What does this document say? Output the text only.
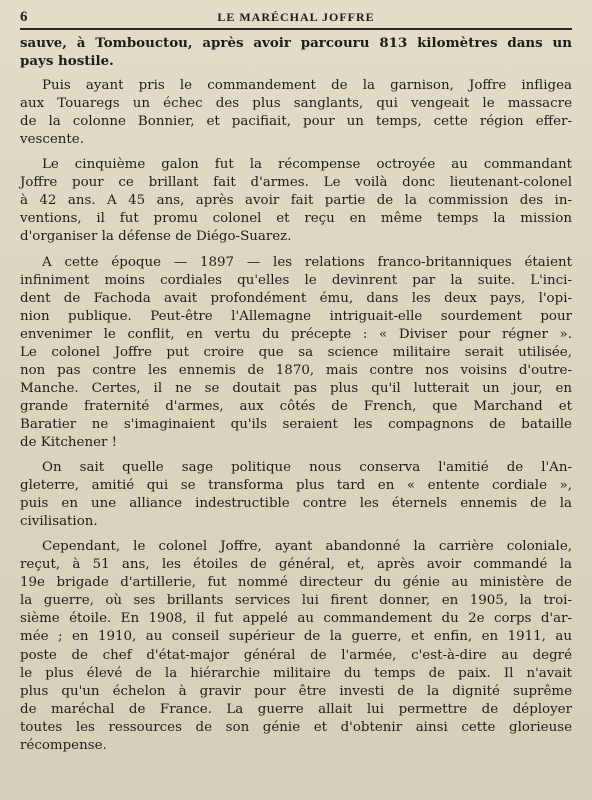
6	LE MARÉCHAL JOFFRE

sauve, à Tombouctou, après avoir parcouru 813 kilomètres dans un
pays hostile.

Puis ayant pris le commandement de la garnison, Joffre infligea
aux Touaregs un échec des plus sanglants, qui vengeait le massacre
de la colonne Bonnier, et pacifiait, pour un temps, cette région effer-
vescente.

Le cinquième galon fut la récompense octroyée au commandant
Joffre pour ce brillant fait d'armes. Le voilà donc lieutenant-colonel
à 42 ans. A 45 ans, après avoir fait partie de la commission des in-
ventions, il fut promu colonel et reçu en même temps la mission
d'organiser la défense de Diégo-Suarez.

A cette époque — 1897 — les relations franco-britanniques étaient
infiniment moins cordiales qu'elles le devinrent par la suite. L'inci-
dent de Fachoda avait profondément ému, dans les deux pays, l'opi-
nion publique. Peut-être l'Allemagne intriguait-elle sourdement pour
envenimer le conflit, en vertu du précepte : « Diviser pour régner ».
Le colonel Joffre put croire que sa science militaire serait utilisée,
non pas contre les ennemis de 1870, mais contre nos voisins d'outre-
Manche. Certes, il ne se doutait pas plus qu'il lutterait un jour, en
grande fraternité d'armes, aux côtés de French, que Marchand et
Baratier ne s'imaginaient qu'ils seraient les compagnons de bataille
de Kitchener !

On sait quelle sage politique nous conserva l'amitié de l'An-
gleterre, amitié qui se transforma plus tard en « entente cordiale »,
puis en une alliance indestructible contre les éternels ennemis de la
civilisation.

Cependant, le colonel Joffre, ayant abandonné la carrière coloniale,
reçut, à 51 ans, les étoiles de général, et, après avoir commandé la
19e brigade d'artillerie, fut nommé directeur du génie au ministère de
la guerre, où ses brillants services lui firent donner, en 1905, la troi-
sième étoile. En 1908, il fut appelé au commandement du 2e corps d'ar-
mée ; en 1910, au conseil supérieur de la guerre, et enfin, en 1911, au
poste de chef d'état-major général de l'armée, c'est-à-dire au degré
le plus élevé de la hiérarchie militaire du temps de paix. Il n'avait
plus qu'un échelon à gravir pour être investi de la dignité suprême
de maréchal de France. La guerre allait lui permettre de déployer
toutes les ressources de son génie et d'obtenir ainsi cette glorieuse
récompense.
